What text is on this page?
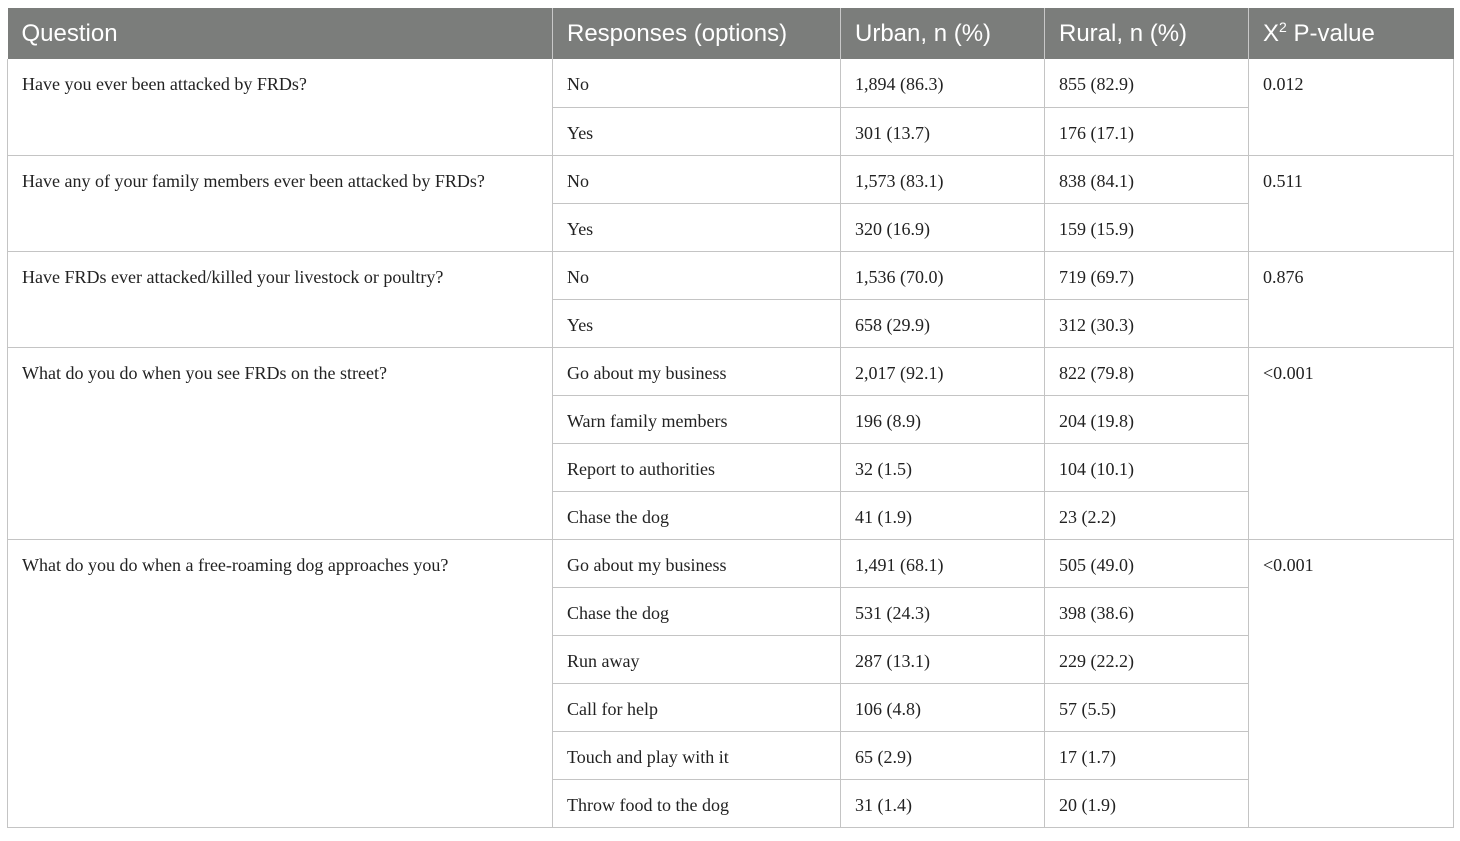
Question	Responses (options)	Urban, n (%)	Rural, n (%)	$X^2$ P-value
Have you ever been attacked by FRDs?	No	1,894 (86.3)	855 (82.9)	0.012
	Yes	301 (13.7)	176 (17.1)	
Have any of your family members ever been attacked by FRDs?	No	1,573 (83.1)	838 (84.1)	0.511
	Yes	320 (16.9)	159 (15.9)	
Have FRDs ever attacked/killed your livestock or poultry?	No	1,536 (70.0)	719 (69.7)	0.876
	Yes	658 (29.9)	312 (30.3)	
What do you do when you see FRDs on the street?	Go about my business	2,017 (92.1)	822 (79.8)	<0.001
	Warn family members	196 (8.9)	204 (19.8)	
	Report to authorities	32 (1.5)	104 (10.1)	
	Chase the dog	41 (1.9)	23 (2.2)	
What do you do when a free-roaming dog approaches you?	Go about my business	1,491 (68.1)	505 (49.0)	<0.001
	Chase the dog	531 (24.3)	398 (38.6)	
	Run away	287 (13.1)	229 (22.2)	
	Call for help	106 (4.8)	57 (5.5)	
	Touch and play with it	65 (2.9)	17 (1.7)	
	Throw food to the dog	31 (1.4)	20 (1.9)	
